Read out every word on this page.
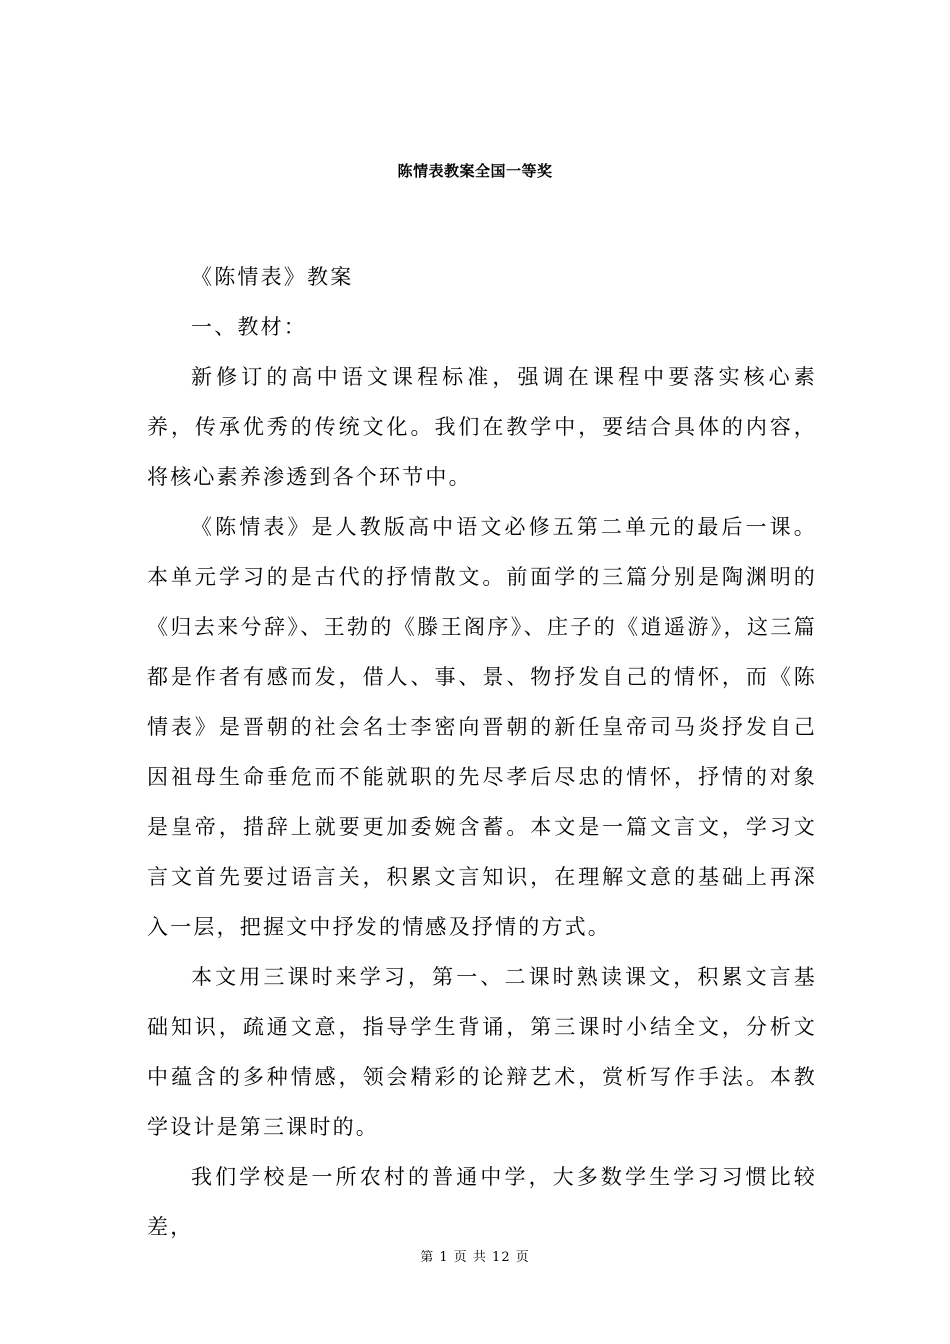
陈情表教案全国一等奖

《陈情表》教案

一、教材：

新修订的高中语文课程标准，强调在课程中要落实核心素养，传承优秀的传统文化。我们在教学中，要结合具体的内容，将核心素养渗透到各个环节中。

《陈情表》是人教版高中语文必修五第二单元的最后一课。本单元学习的是古代的抒情散文。前面学的三篇分别是陶渊明的《归去来兮辞》、王勃的《滕王阁序》、庄子的《逍遥游》，这三篇都是作者有感而发，借人、事、景、物抒发自己的情怀，而《陈情表》是晋朝的社会名士李密向晋朝的新任皇帝司马炎抒发自己因祖母生命垂危而不能就职的先尽孝后尽忠的情怀，抒情的对象是皇帝，措辞上就要更加委婉含蓄。本文是一篇文言文，学习文言文首先要过语言关，积累文言知识，在理解文意的基础上再深入一层，把握文中抒发的情感及抒情的方式。

本文用三课时来学习，第一、二课时熟读课文，积累文言基础知识，疏通文意，指导学生背诵，第三课时小结全文，分析文中蕴含的多种情感，领会精彩的论辩艺术，赏析写作手法。本教学设计是第三课时的。

我们学校是一所农村的普通中学，大多数学生学习习惯比较差，

第 1 页 共 12 页
